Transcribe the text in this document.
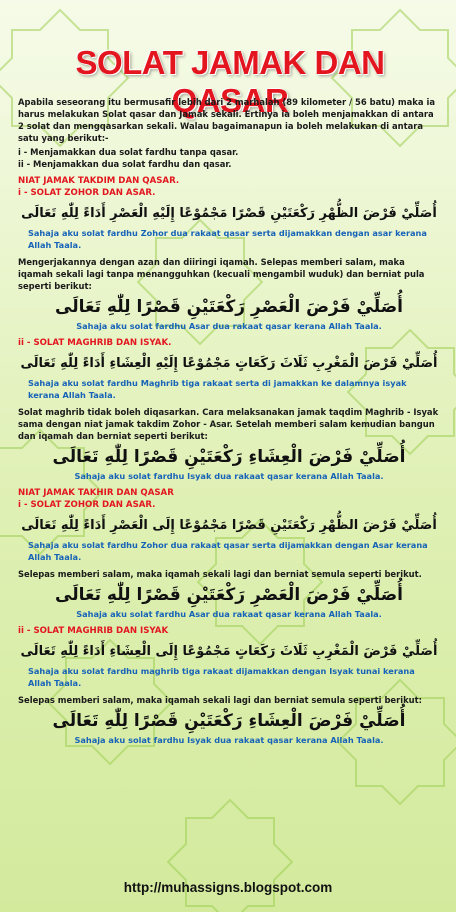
SOLAT JAMAK DAN QASAR
Apabila seseorang itu bermusafir lebih dari 2 marhalah (89 kilometer / 56 batu) maka ia harus melakukan Solat qasar dan Jamak sekali. Ertinya ia boleh menjamakkan di antara 2 solat dan mengqasarkan sekali. Walau bagaimanapun ia boleh melakukan di antara satu yang berikut:-
i - Menjamakkan dua solat fardhu tanpa qasar.
ii - Menjamakkan dua solat fardhu dan qasar.
NIAT JAMAK TAKDIM DAN QASAR.
i - SOLAT ZOHOR DAN ASAR.
أُصَلِّيْ فَرْضَ الظُّهْرِ رَكْعَتَيْنِ قَصْرًا مَجْمُوْعًا إِلَيْهِ الْعَصْرِ أَدَاءً لِلّٰهِ تَعَالَى
Sahaja aku solat fardhu Zohor dua rakaat qasar serta dijamakkan dengan asar kerana Allah Taala.
Mengerjakannya dengan azan dan diiringi iqamah. Selepas memberi salam, maka iqamah sekali lagi tanpa menangguhkan (kecuali mengambil wuduk) dan berniat pula seperti berikut:
أُصَلِّيْ فَرْضَ الْعَصْرِ رَكْعَتَيْنِ قَصْرًا لِلّٰهِ تَعَالَى
Sahaja aku solat fardhu Asar dua rakaat qasar kerana Allah Taala.
ii - SOLAT MAGHRIB DAN ISYAK.
أُصَلِّيْ فَرْضَ الْمَغْرِبِ ثَلَاثَ رَكَعَاتٍ مَجْمُوْعًا إِلَيْهِ الْعِشَاءِ أَدَاءً لِلّٰهِ تَعَالَى
Sahaja aku solat fardhu Maghrib tiga rakaat serta di jamakkan ke dalamnya isyak kerana Allah Taala.
Solat maghrib tidak boleh diqasarkan. Cara melaksanakan jamak taqdim Maghrib - Isyak sama dengan niat jamak takdim Zohor - Asar. Setelah memberi salam kemudian bangun dan iqamah dan berniat seperti berikut:
أُصَلِّيْ فَرْضَ الْعِشَاءِ رَكْعَتَيْنِ قَصْرًا لِلّٰهِ تَعَالَى
Sahaja aku solat fardhu Isyak dua rakaat qasar kerana Allah Taala.
NIAT JAMAK TAKHIR DAN QASAR
i - SOLAT ZOHOR DAN ASAR.
أُصَلِّيْ فَرْضَ الظُّهْرِ رَكْعَتَيْنِ قَصْرًا مَجْمُوْعًا إِلَى الْعَصْرِ أَدَاءً لِلّٰهِ تَعَالَى
Sahaja aku solat fardhu Zohor dua rakaat qasar serta dijamakkan dengan Asar kerana Allah Taala.
Selepas memberi salam, maka iqamah sekali lagi dan berniat semula seperti berikut.
أُصَلِّيْ فَرْضَ الْعَصْرِ رَكْعَتَيْنِ قَصْرًا لِلّٰهِ تَعَالَى
Sahaja aku solat fardhu Asar dua rakaat qasar kerana Allah Taala.
ii - SOLAT MAGHRIB DAN ISYAK
أُصَلِّيْ فَرْضَ الْمَغْرِبِ ثَلَاثَ رَكَعَاتٍ مَجْمُوْعًا إِلَى الْعِشَاءِ أَدَاءً لِلّٰهِ تَعَالَى
Sahaja aku solat fardhu maghrib tiga rakaat dijamakkan dengan Isyak tunai kerana Allah Taala.
Selepas memberi salam, maka iqamah sekali lagi dan berniat semula seperti berikut:
أُصَلِّيْ فَرْضَ الْعِشَاءِ رَكْعَتَيْنِ قَصْرًا لِلّٰهِ تَعَالَى
Sahaja aku solat fardhu Isyak dua rakaat qasar kerana Allah Taala.
http://muhassigns.blogspot.com
